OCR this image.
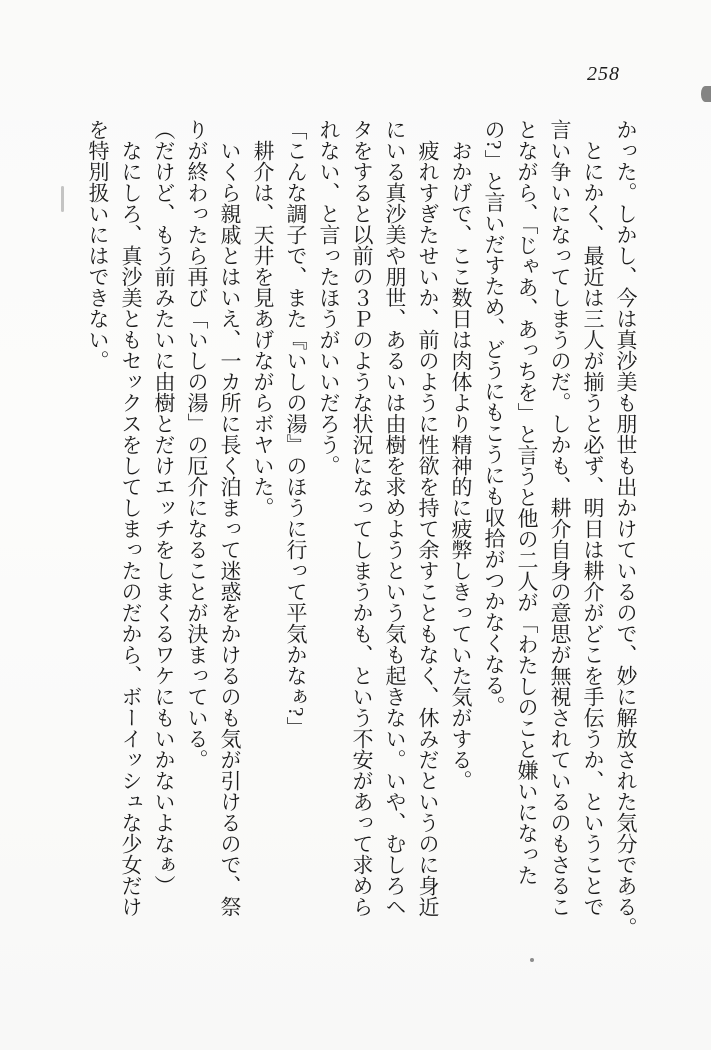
258
かった。しかし、今は真沙美も朋世も出かけているので、妙に解放された気分である。
　とにかく、最近は三人が揃うと必ず、明日は耕介がどこを手伝うか、ということで
言い争いになってしまうのだ。しかも、耕介自身の意思が無視されているのもさるこ
とながら、「じゃあ、あっちを」と言うと他の二人が「わたしのこと嫌いになった
の?」と言いだすため、どうにもこうにも収拾がつかなくなる。
　おかげで、ここ数日は肉体より精神的に疲弊しきっていた気がする。
　疲れすぎたせいか、前のように性欲を持て余すこともなく、休みだというのに身近
にいる真沙美や朋世、あるいは由樹を求めようという気も起きない。いや、むしろヘ
タをすると以前の３Ｐのような状況になってしまうかも、という不安があって求めら
れない、と言ったほうがいいだろう。
「こんな調子で、また『いしの湯』のほうに行って平気かなぁ?」
　耕介は、天井を見あげながらボヤいた。
　いくら親戚とはいえ、一カ所に長く泊まって迷惑をかけるのも気が引けるので、祭
りが終わったら再び「いしの湯」の厄介になることが決まっている。
（だけど、もう前みたいに由樹とだけエッチをしまくるワケにもいかないよなぁ）
　なにしろ、真沙美ともセックスをしてしまったのだから、ボーイッシュな少女だけ
を特別扱いにはできない。
